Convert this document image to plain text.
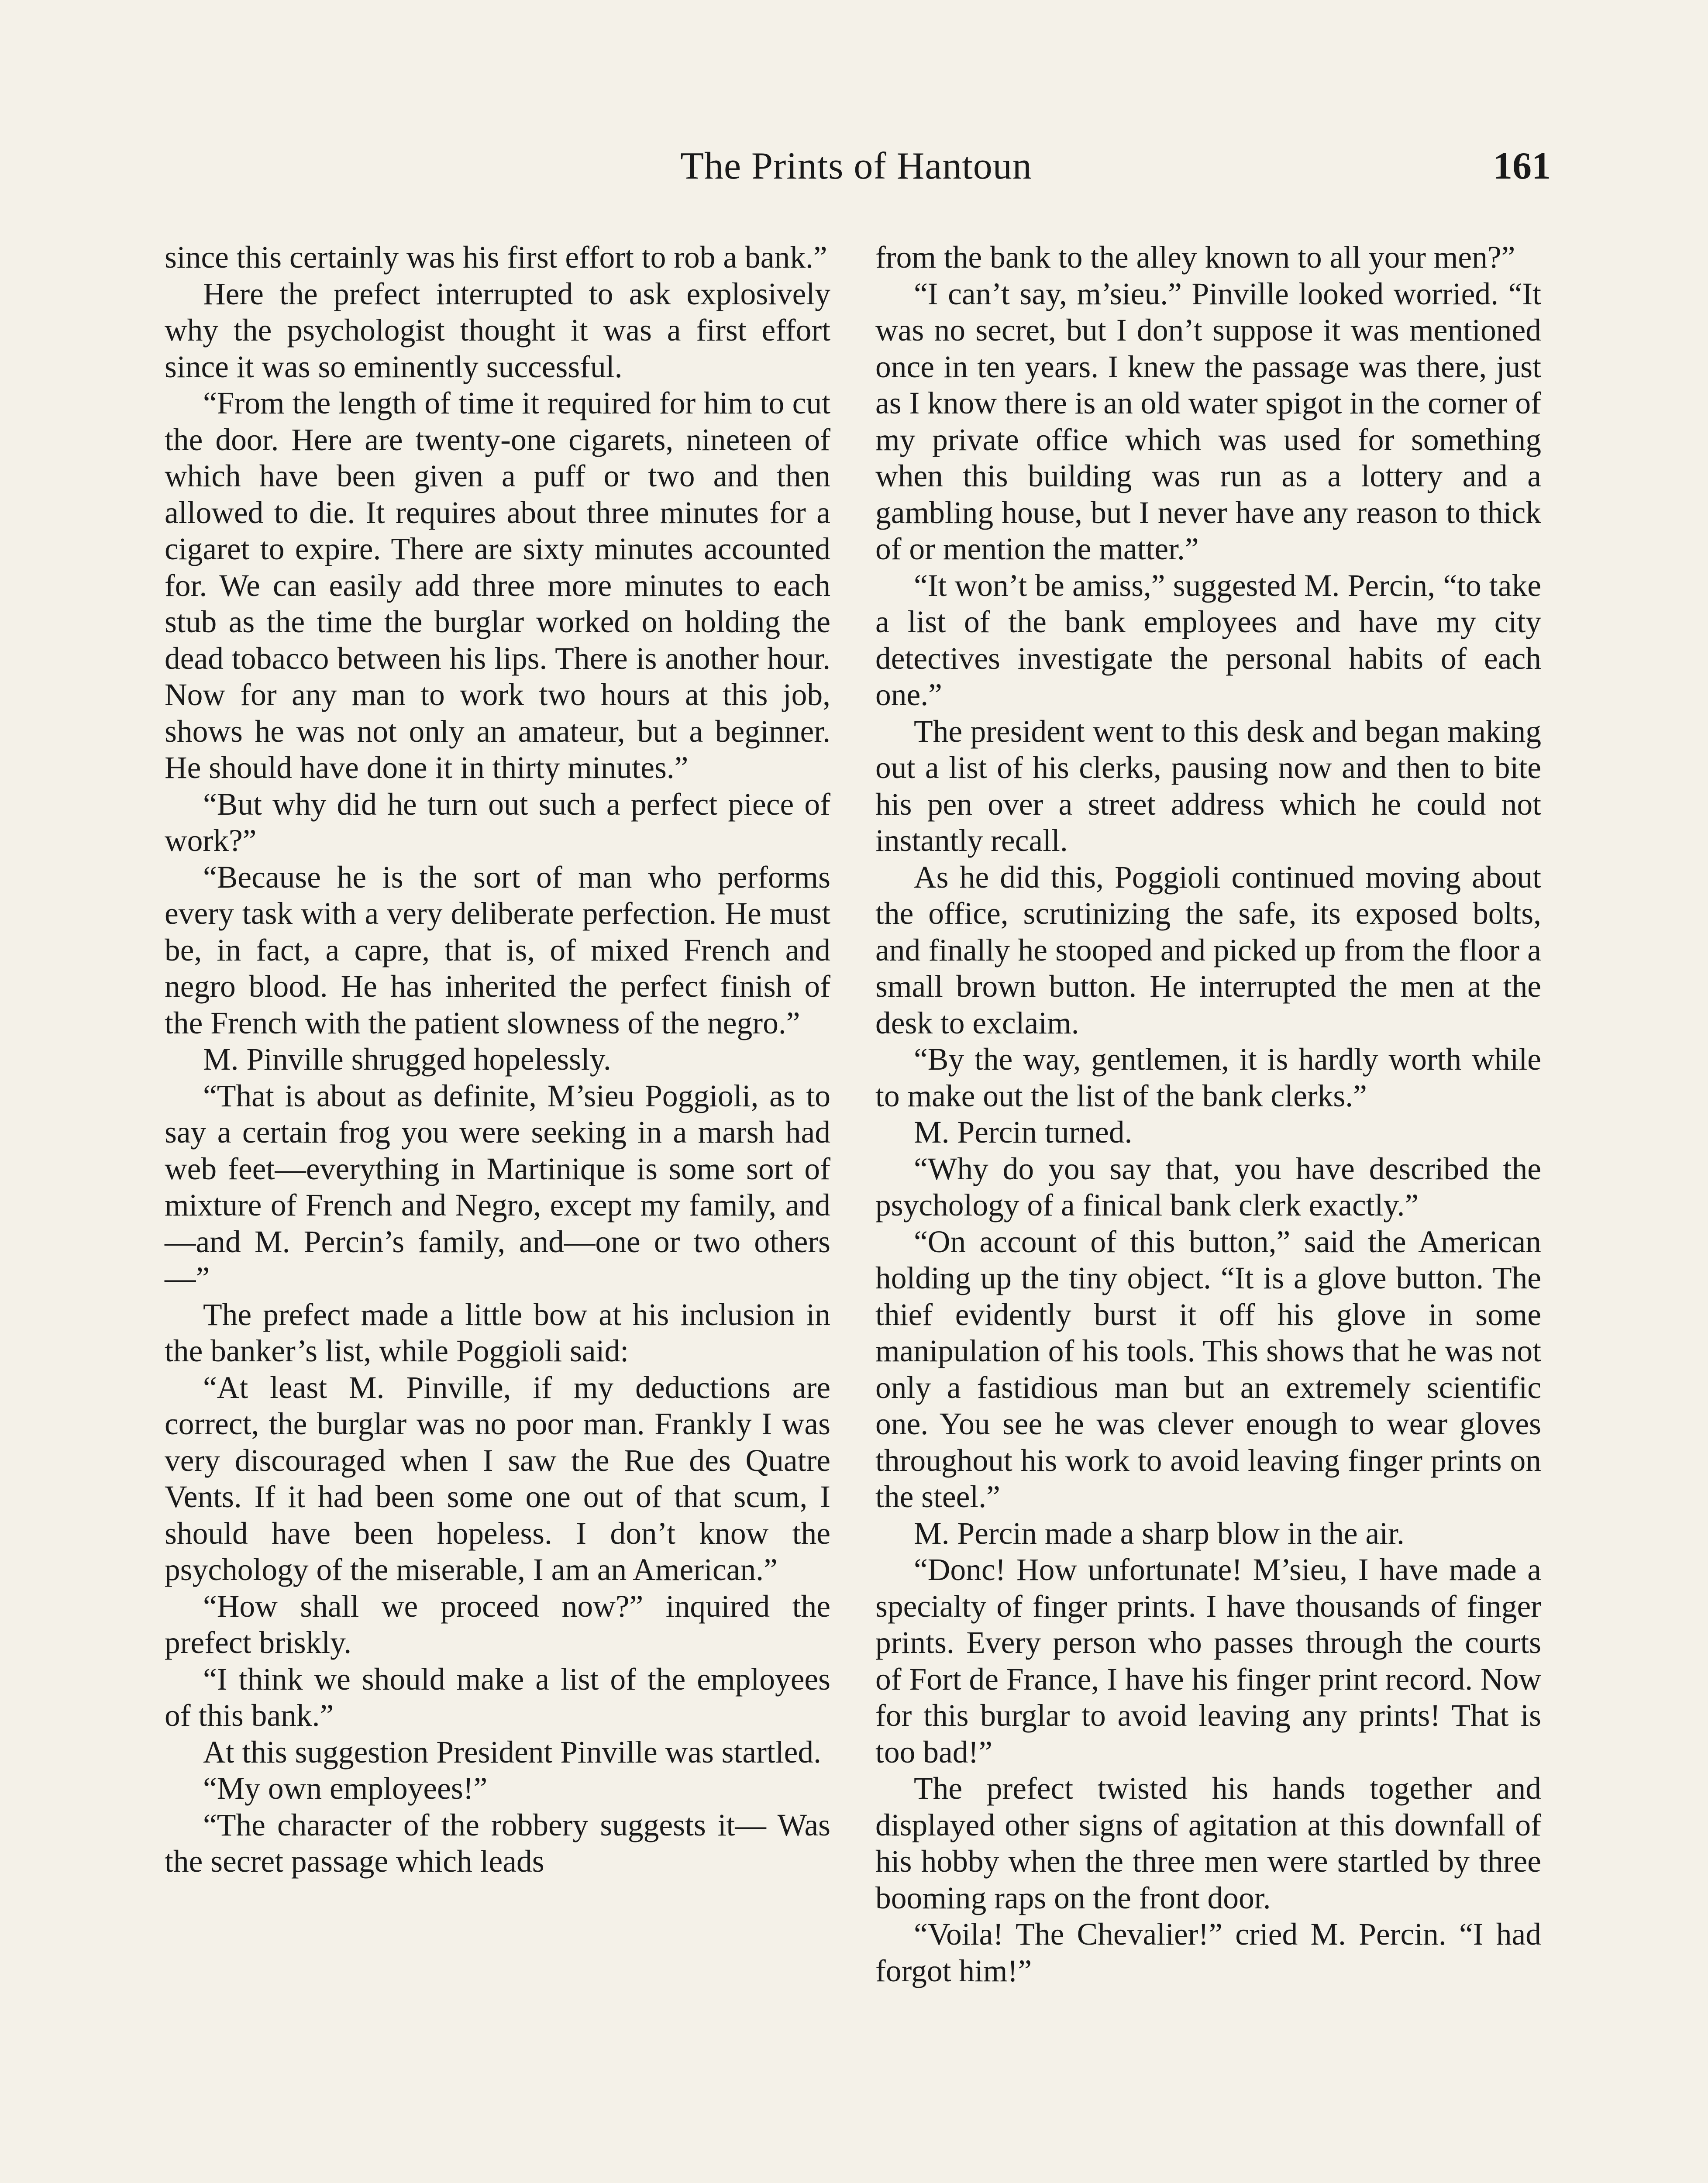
The Prints of Hantoun	161

since this certainly was his first effort to rob a bank.”

Here the prefect interrupted to ask explosively why the psychologist thought it was a first effort since it was so eminently successful.

“From the length of time it required for him to cut the door. Here are twenty-one cigarets, nineteen of which have been given a puff or two and then allowed to die. It requires about three minutes for a cigaret to expire. There are sixty minutes accounted for. We can easily add three more minutes to each stub as the time the burglar worked on holding the dead tobacco between his lips. There is another hour. Now for any man to work two hours at this job, shows he was not only an amateur, but a beginner. He should have done it in thirty minutes.”

“But why did he turn out such a perfect piece of work?”

“Because he is the sort of man who performs every task with a very deliberate perfection. He must be, in fact, a capre, that is, of mixed French and negro blood. He has inherited the perfect finish of the French with the patient slowness of the negro.”

M. Pinville shrugged hopelessly.

“That is about as definite, M’sieu Poggioli, as to say a certain frog you were seeking in a marsh had web feet—everything in Martinique is some sort of mixture of French and Negro, except my family, and—and M. Percin’s family, and—one or two others—”

The prefect made a little bow at his inclusion in the banker’s list, while Poggioli said:

“At least M. Pinville, if my deductions are correct, the burglar was no poor man. Frankly I was very discouraged when I saw the Rue des Quatre Vents. If it had been some one out of that scum, I should have been hopeless. I don’t know the psychology of the miserable, I am an American.”

“How shall we proceed now?” inquired the prefect briskly.

“I think we should make a list of the employees of this bank.”

At this suggestion President Pinville was startled.

“My own employees!”

“The character of the robbery suggests it— Was the secret passage which leads

from the bank to the alley known to all your men?”

“I can’t say, m’sieu.” Pinville looked worried. “It was no secret, but I don’t suppose it was mentioned once in ten years. I knew the passage was there, just as I know there is an old water spigot in the corner of my private office which was used for something when this building was run as a lottery and a gambling house, but I never have any reason to thick of or mention the matter.”

“It won’t be amiss,” suggested M. Percin, “to take a list of the bank employees and have my city detectives investigate the personal habits of each one.”

The president went to this desk and began making out a list of his clerks, pausing now and then to bite his pen over a street address which he could not instantly recall.

As he did this, Poggioli continued moving about the office, scrutinizing the safe, its exposed bolts, and finally he stooped and picked up from the floor a small brown button. He interrupted the men at the desk to exclaim.

“By the way, gentlemen, it is hardly worth while to make out the list of the bank clerks.”

M. Percin turned.

“Why do you say that, you have described the psychology of a finical bank clerk exactly.”

“On account of this button,” said the American holding up the tiny object. “It is a glove button. The thief evidently burst it off his glove in some manipulation of his tools. This shows that he was not only a fastidious man but an extremely scientific one. You see he was clever enough to wear gloves throughout his work to avoid leaving finger prints on the steel.”

M. Percin made a sharp blow in the air.

“Donc! How unfortunate! M’sieu, I have made a specialty of finger prints. I have thousands of finger prints. Every person who passes through the courts of Fort de France, I have his finger print record. Now for this burglar to avoid leaving any prints! That is too bad!”

The prefect twisted his hands together and displayed other signs of agitation at this downfall of his hobby when the three men were startled by three booming raps on the front door.

“Voila! The Chevalier!” cried M. Percin. “I had forgot him!”
